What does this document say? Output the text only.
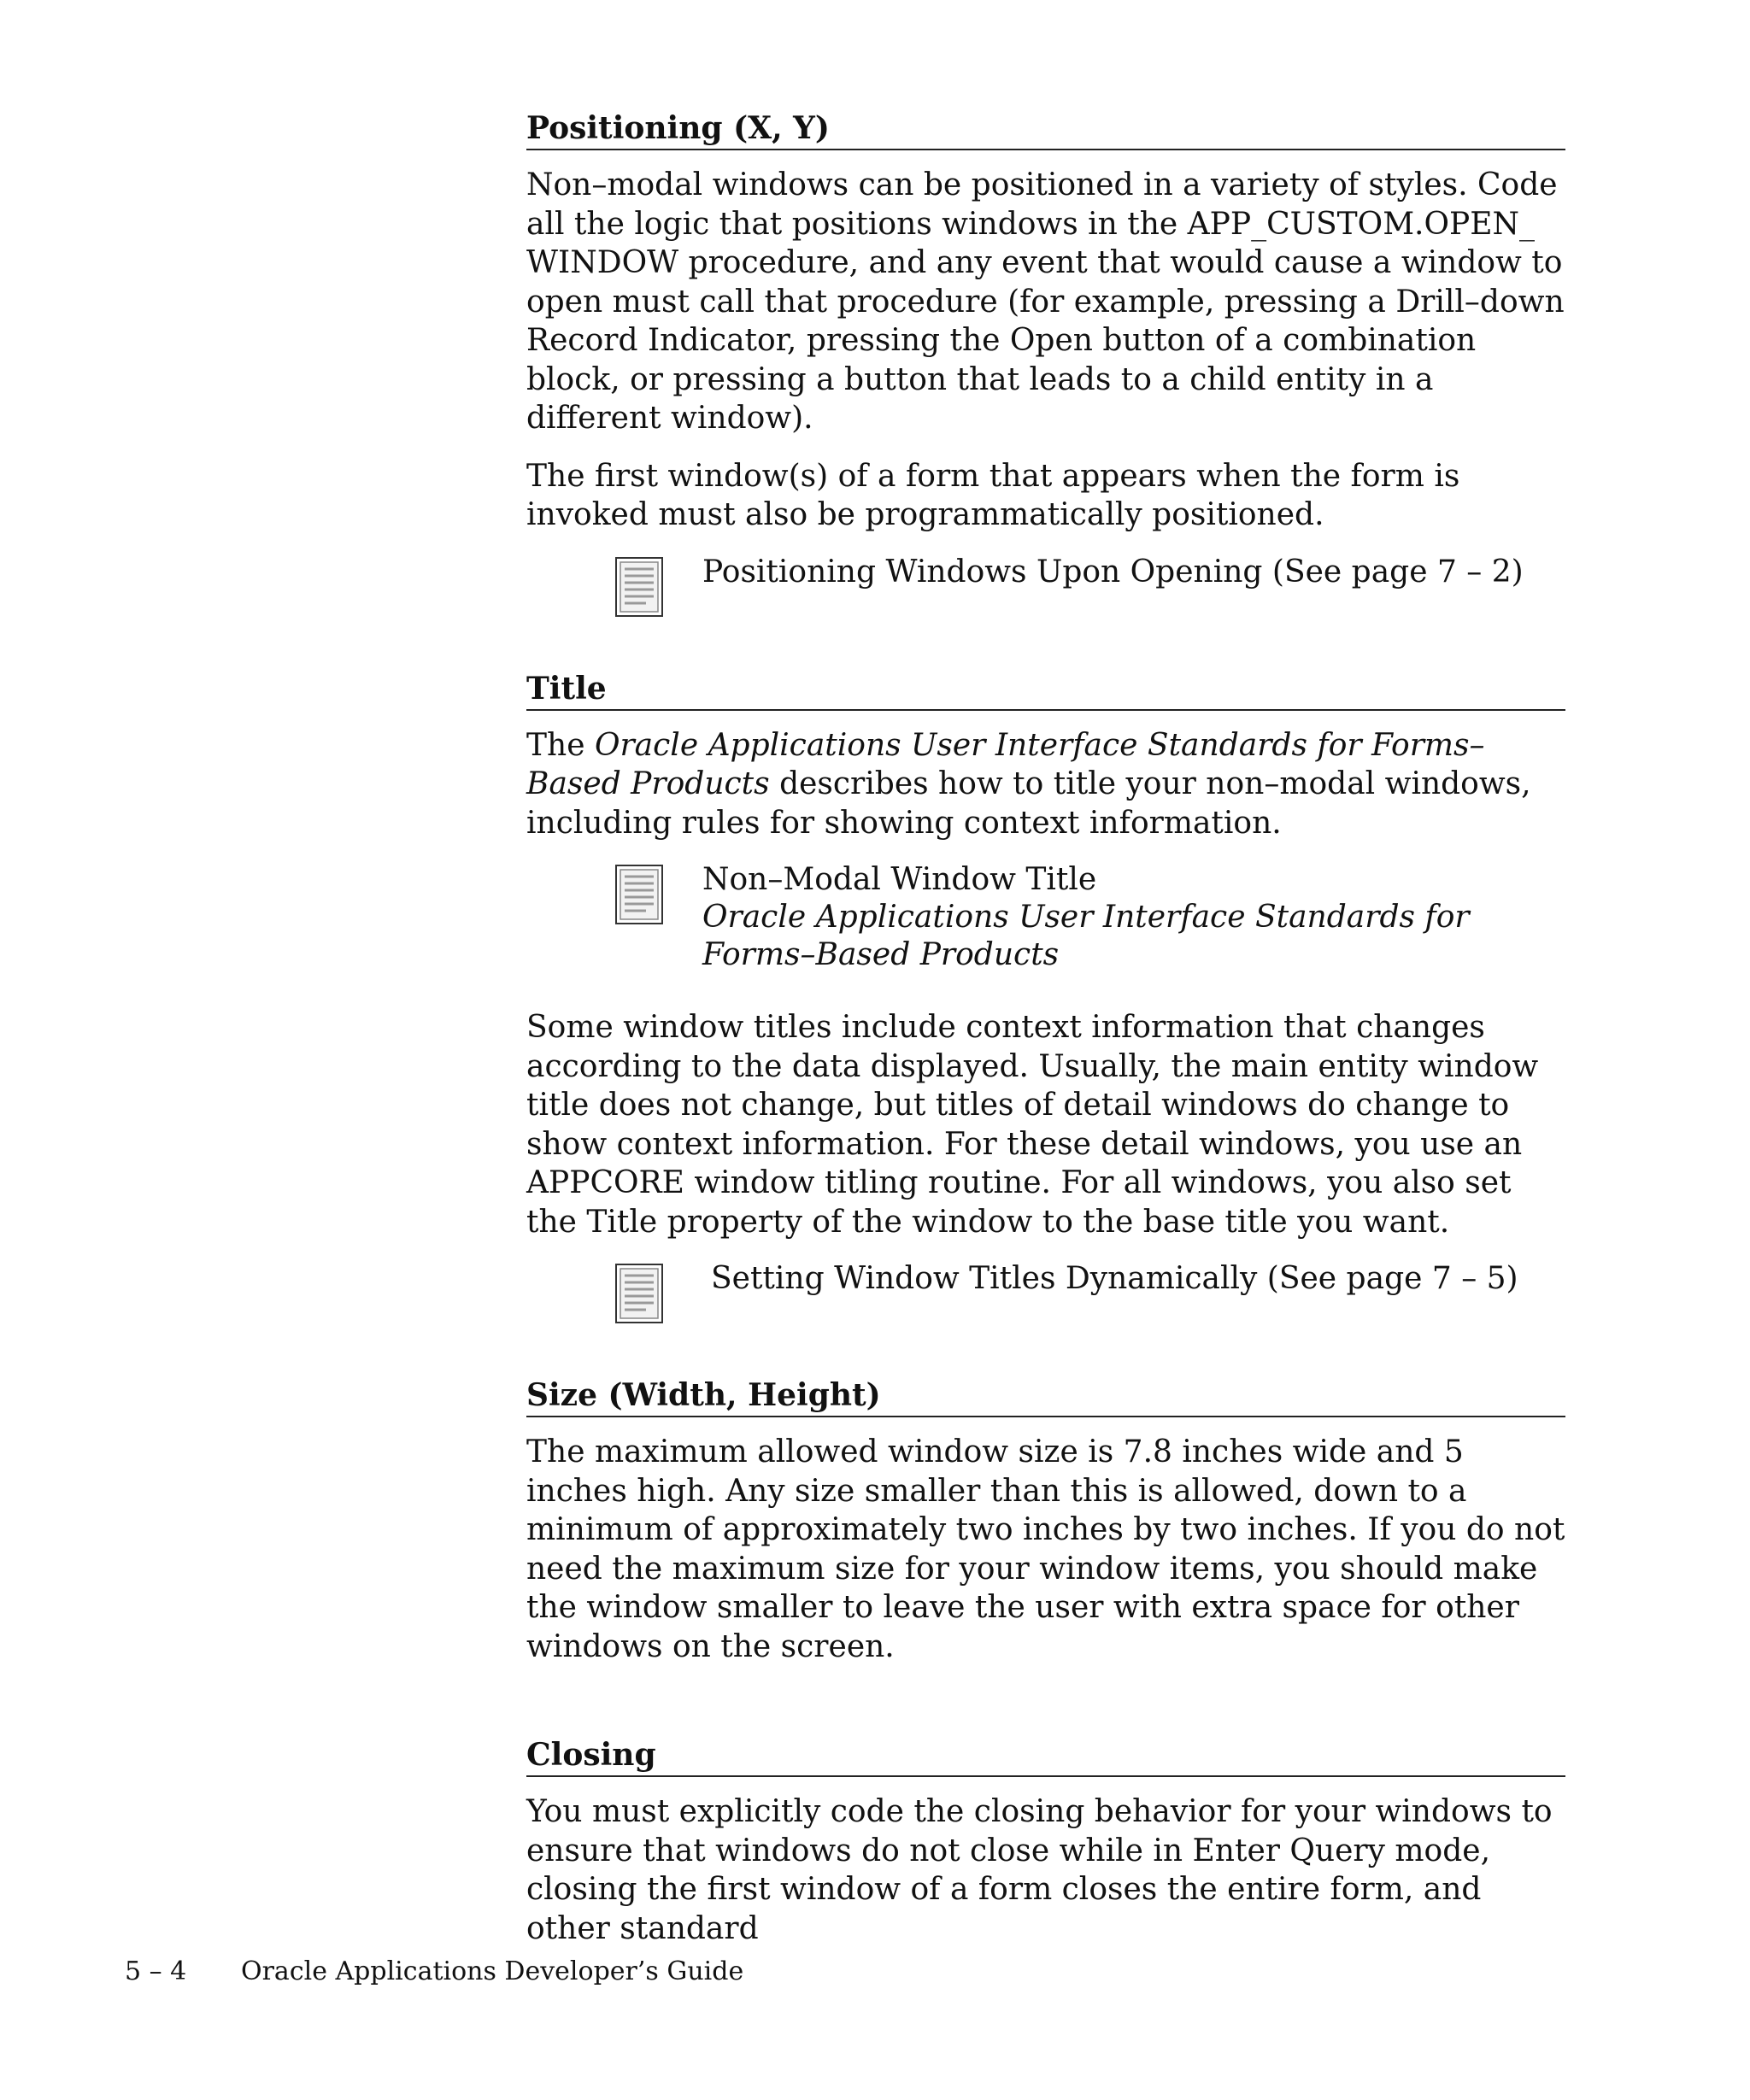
Positioning (X, Y)

Non–modal windows can be positioned in a variety of styles. Code all the logic that positions windows in the APP_CUSTOM.OPEN_ WINDOW procedure, and any event that would cause a window to open must call that procedure (for example, pressing a Drill–down Record Indicator, pressing the Open button of a combination block, or pressing a button that leads to a child entity in a different window).

The first window(s) of a form that appears when the form is invoked must also be programmatically positioned.

Positioning Windows Upon Opening (See page 7 – 2)
Title

The Oracle Applications User Interface Standards for Forms–Based Products describes how to title your non–modal windows, including rules for showing context information.

Non–Modal Window Title
Oracle Applications User Interface Standards for Forms–Based Products

Some window titles include context information that changes according to the data displayed. Usually, the main entity window title does not change, but titles of detail windows do change to show context information. For these detail windows, you use an APPCORE window titling routine. For all windows, you also set the Title property of the window to the base title you want.

Setting Window Titles Dynamically (See page 7 – 5)
Size (Width, Height)

The maximum allowed window size is 7.8 inches wide and 5 inches high. Any size smaller than this is allowed, down to a minimum of approximately two inches by two inches. If you do not need the maximum size for your window items, you should make the window smaller to leave the user with extra space for other windows on the screen.

Closing

You must explicitly code the closing behavior for your windows to ensure that windows do not close while in Enter Query mode, closing the first window of a form closes the entire form, and other standard

5 – 4 Oracle Applications Developer’s Guide
